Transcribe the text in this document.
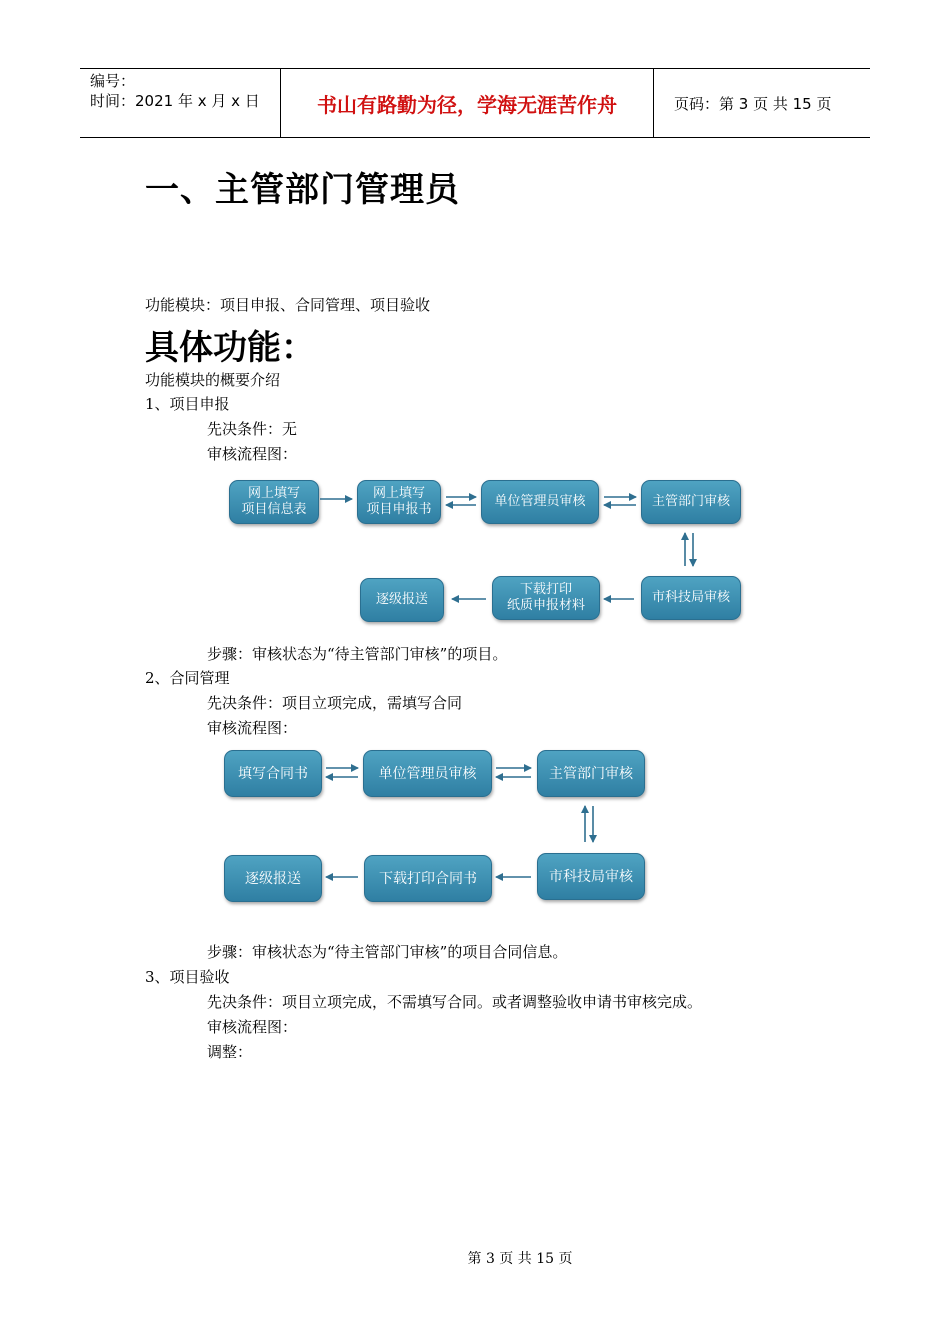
编号：
时间：2021 年 x 月 x 日	书山有路勤为径，学海无涯苦作舟	页码：第 3 页 共 15 页
一、主管部门管理员
功能模块：项目申报、合同管理、项目验收
具体功能：
功能模块的概要介绍
1、项目申报
先决条件：无
审核流程图：
网上填写
项目信息表
网上填写
项目申报书
单位管理员审核	主管部门审核
市科技局审核
下载打印
纸质申报材料
逐级报送
步骤：审核状态为“待主管部门审核”的项目。
2、合同管理
先决条件：项目立项完成，需填写合同
审核流程图：
填写合同书	单位管理员审核	主管部门审核
市科技局审核
下载打印合同书
逐级报送
步骤：审核状态为“待主管部门审核”的项目合同信息。
3、项目验收
先决条件：项目立项完成，不需填写合同。或者调整验收申请书审核完成。
审核流程图：
调整：
第 3 页 共 15 页
